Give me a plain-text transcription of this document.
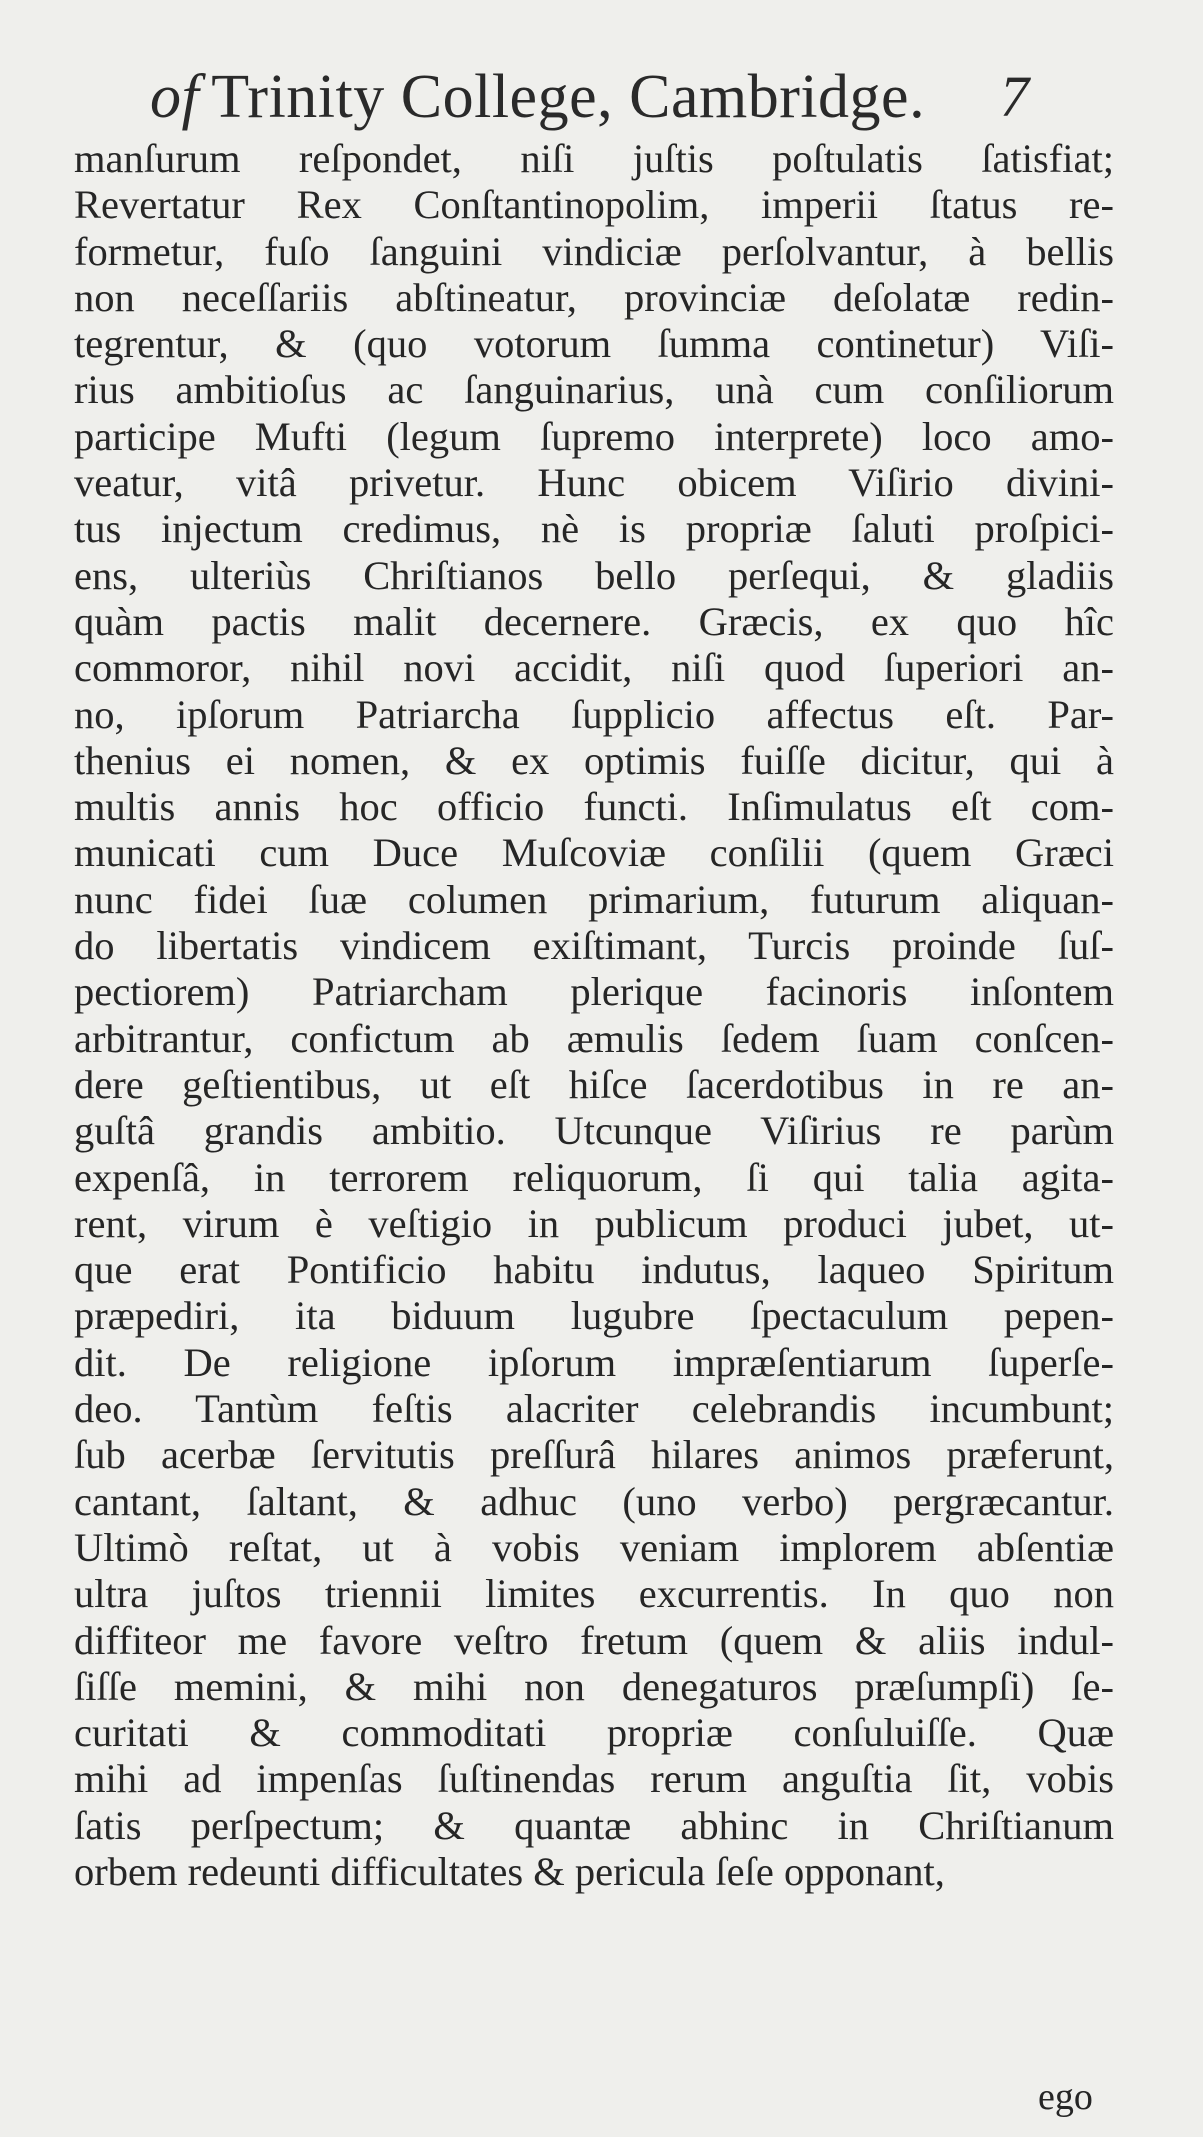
of Trinity College, Cambridge. 7
manſurum reſpondet, niſi juſtis poſtulatis ſatisfiat;
Revertatur Rex Conſtantinopolim, imperii ſtatus re-
formetur, fuſo ſanguini vindiciæ perſolvantur, à bellis
non neceſſariis abſtineatur, provinciæ deſolatæ redin-
tegrentur, & (quo votorum ſumma continetur) Viſi-
rius ambitioſus ac ſanguinarius, unà cum conſiliorum
participe Mufti (legum ſupremo interprete) loco amo-
veatur, vitâ privetur. Hunc obicem Viſirio divini-
tus injectum credimus, nè is propriæ ſaluti proſpici-
ens, ulteriùs Chriſtianos bello perſequi, & gladiis
quàm pactis malit decernere. Græcis, ex quo hîc
commoror, nihil novi accidit, niſi quod ſuperiori an-
no, ipſorum Patriarcha ſupplicio affectus eſt. Par-
thenius ei nomen, & ex optimis fuiſſe dicitur, qui à
multis annis hoc officio functi. Inſimulatus eſt com-
municati cum Duce Muſcoviæ conſilii (quem Græci
nunc fidei ſuæ columen primarium, futurum aliquan-
do libertatis vindicem exiſtimant, Turcis proinde ſuſ-
pectiorem) Patriarcham plerique facinoris inſontem
arbitrantur, confictum ab æmulis ſedem ſuam conſcen-
dere geſtientibus, ut eſt hiſce ſacerdotibus in re an-
guſtâ grandis ambitio. Utcunque Viſirius re parùm
expenſâ, in terrorem reliquorum, ſi qui talia agita-
rent, virum è veſtigio in publicum produci jubet, ut-
que erat Pontificio habitu indutus, laqueo Spiritum
præpediri, ita biduum lugubre ſpectaculum pepen-
dit. De religione ipſorum impræſentiarum ſuperſe-
deo. Tantùm feſtis alacriter celebrandis incumbunt;
ſub acerbæ ſervitutis preſſurâ hilares animos præferunt,
cantant, ſaltant, & adhuc (uno verbo) pergræcantur.
Ultimò reſtat, ut à vobis veniam implorem abſentiæ
ultra juſtos triennii limites excurrentis. In quo non
diffiteor me favore veſtro fretum (quem & aliis indul-
ſiſſe memini, & mihi non denegaturos præſumpſi) ſe-
curitati & commoditati propriæ conſuluiſſe. Quæ
mihi ad impenſas ſuſtinendas rerum anguſtia ſit, vobis
ſatis perſpectum; & quantæ abhinc in Chriſtianum
orbem redeunti difficultates & pericula ſeſe opponant,
ego
